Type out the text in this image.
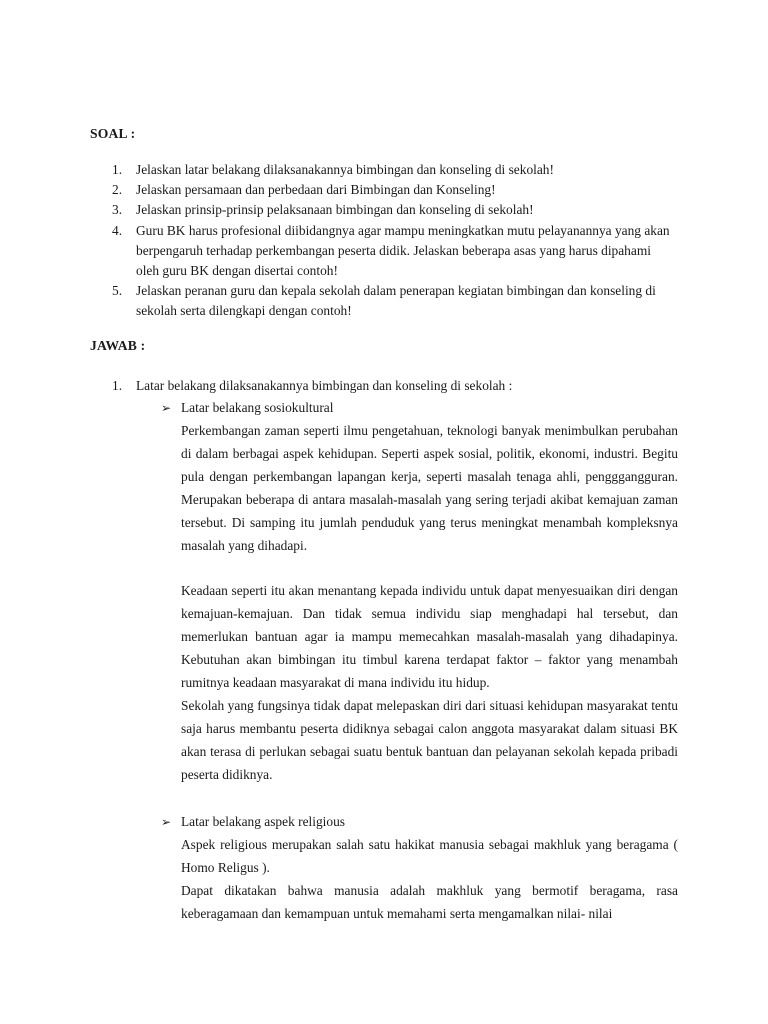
SOAL :
1.	Jelaskan latar belakang dilaksanakannya bimbingan dan konseling di sekolah!
2.	Jelaskan persamaan dan perbedaan dari Bimbingan dan Konseling!
3.	Jelaskan prinsip-prinsip pelaksanaan bimbingan dan konseling di sekolah!
4.	Guru BK harus profesional diibidangnya agar mampu meningkatkan mutu pelayanannya yang akan berpengaruh terhadap perkembangan peserta didik. Jelaskan beberapa asas yang harus dipahami oleh guru BK dengan disertai contoh!
5.	Jelaskan peranan guru dan kepala sekolah dalam penerapan kegiatan bimbingan dan konseling di sekolah serta dilengkapi dengan contoh!
JAWAB :
1.	Latar belakang dilaksanakannya bimbingan dan konseling di sekolah :
➢ Latar belakang sosiokultural

Perkembangan zaman seperti ilmu pengetahuan, teknologi banyak menimbulkan perubahan di dalam berbagai aspek kehidupan. Seperti aspek sosial, politik, ekonomi, industri. Begitu pula dengan perkembangan lapangan kerja, seperti masalah tenaga ahli, pengggangguran. Merupakan beberapa di antara masalah-masalah yang sering terjadi akibat kemajuan zaman tersebut. Di samping itu jumlah penduduk yang terus meningkat menambah kompleksnya masalah yang dihadapi.

Keadaan seperti itu akan menantang kepada individu untuk dapat menyesuaikan diri dengan kemajuan-kemajuan. Dan tidak semua individu siap menghadapi hal tersebut, dan memerlukan bantuan agar ia mampu memecahkan masalah-masalah yang dihadapinya. Kebutuhan akan bimbingan itu timbul karena terdapat faktor – faktor yang menambah rumitnya keadaan masyarakat di mana individu itu hidup.

Sekolah yang fungsinya tidak dapat melepaskan diri dari situasi kehidupan masyarakat tentu saja harus membantu peserta didiknya sebagai calon anggota masyarakat dalam situasi BK akan terasa di perlukan sebagai suatu bentuk bantuan dan pelayanan sekolah kepada pribadi peserta didiknya.

➢ Latar belakang aspek religious

Aspek religious merupakan salah satu hakikat manusia sebagai makhluk yang beragama ( Homo Religus ).

Dapat dikatakan bahwa manusia adalah makhluk yang bermotif beragama, rasa keberagamaan dan kemampuan untuk memahami serta mengamalkan nilai- nilai
